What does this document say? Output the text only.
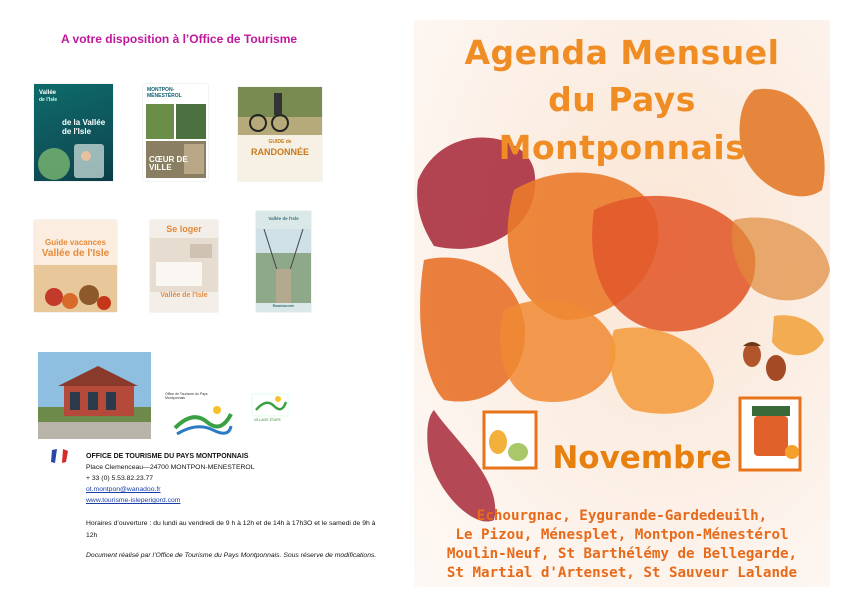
A votre disposition à l’Office de Tourisme
Vallée
de l'Isle
de la Vallée de l'Isle
MONTPON-
MÉNESTÉROL
CŒUR DE VILLE
GUIDE de
RANDONNÉE
Guide vacances
Vallée de l'Isle
Se loger
Vallée de l'Isle
Vallée de l'Isle
Randonnée
Office de Tourisme du Pays Montponnais
VILLAGE ÉTAPE
OFFICE DE TOURISME DU PAYS MONTPONNAIS
Place Clemenceau—24700 MONTPON-MENESTEROL
+ 33 (0) 5.53.82.23.77
ot.montpon@wanadoo.fr
www.tourisme-isleperigord.com
Horaires d’ouverture : du lundi au vendredi de 9 h à 12h et de 14h à 17h3O et le samedi de 9h à 12h
Document réalisé par l’Office de Tourisme du Pays Montponnais. Sous réserve de modifications.
Agenda Mensuel
du Pays
Montponnais
Novembre
Echourgnac, Eygurande-Gardedeuilh,
Le Pizou, Ménesplet, Montpon-Ménestérol
Moulin-Neuf, St Barthélémy de Bellegarde,
St Martial d'Artenset, St Sauveur Lalande
